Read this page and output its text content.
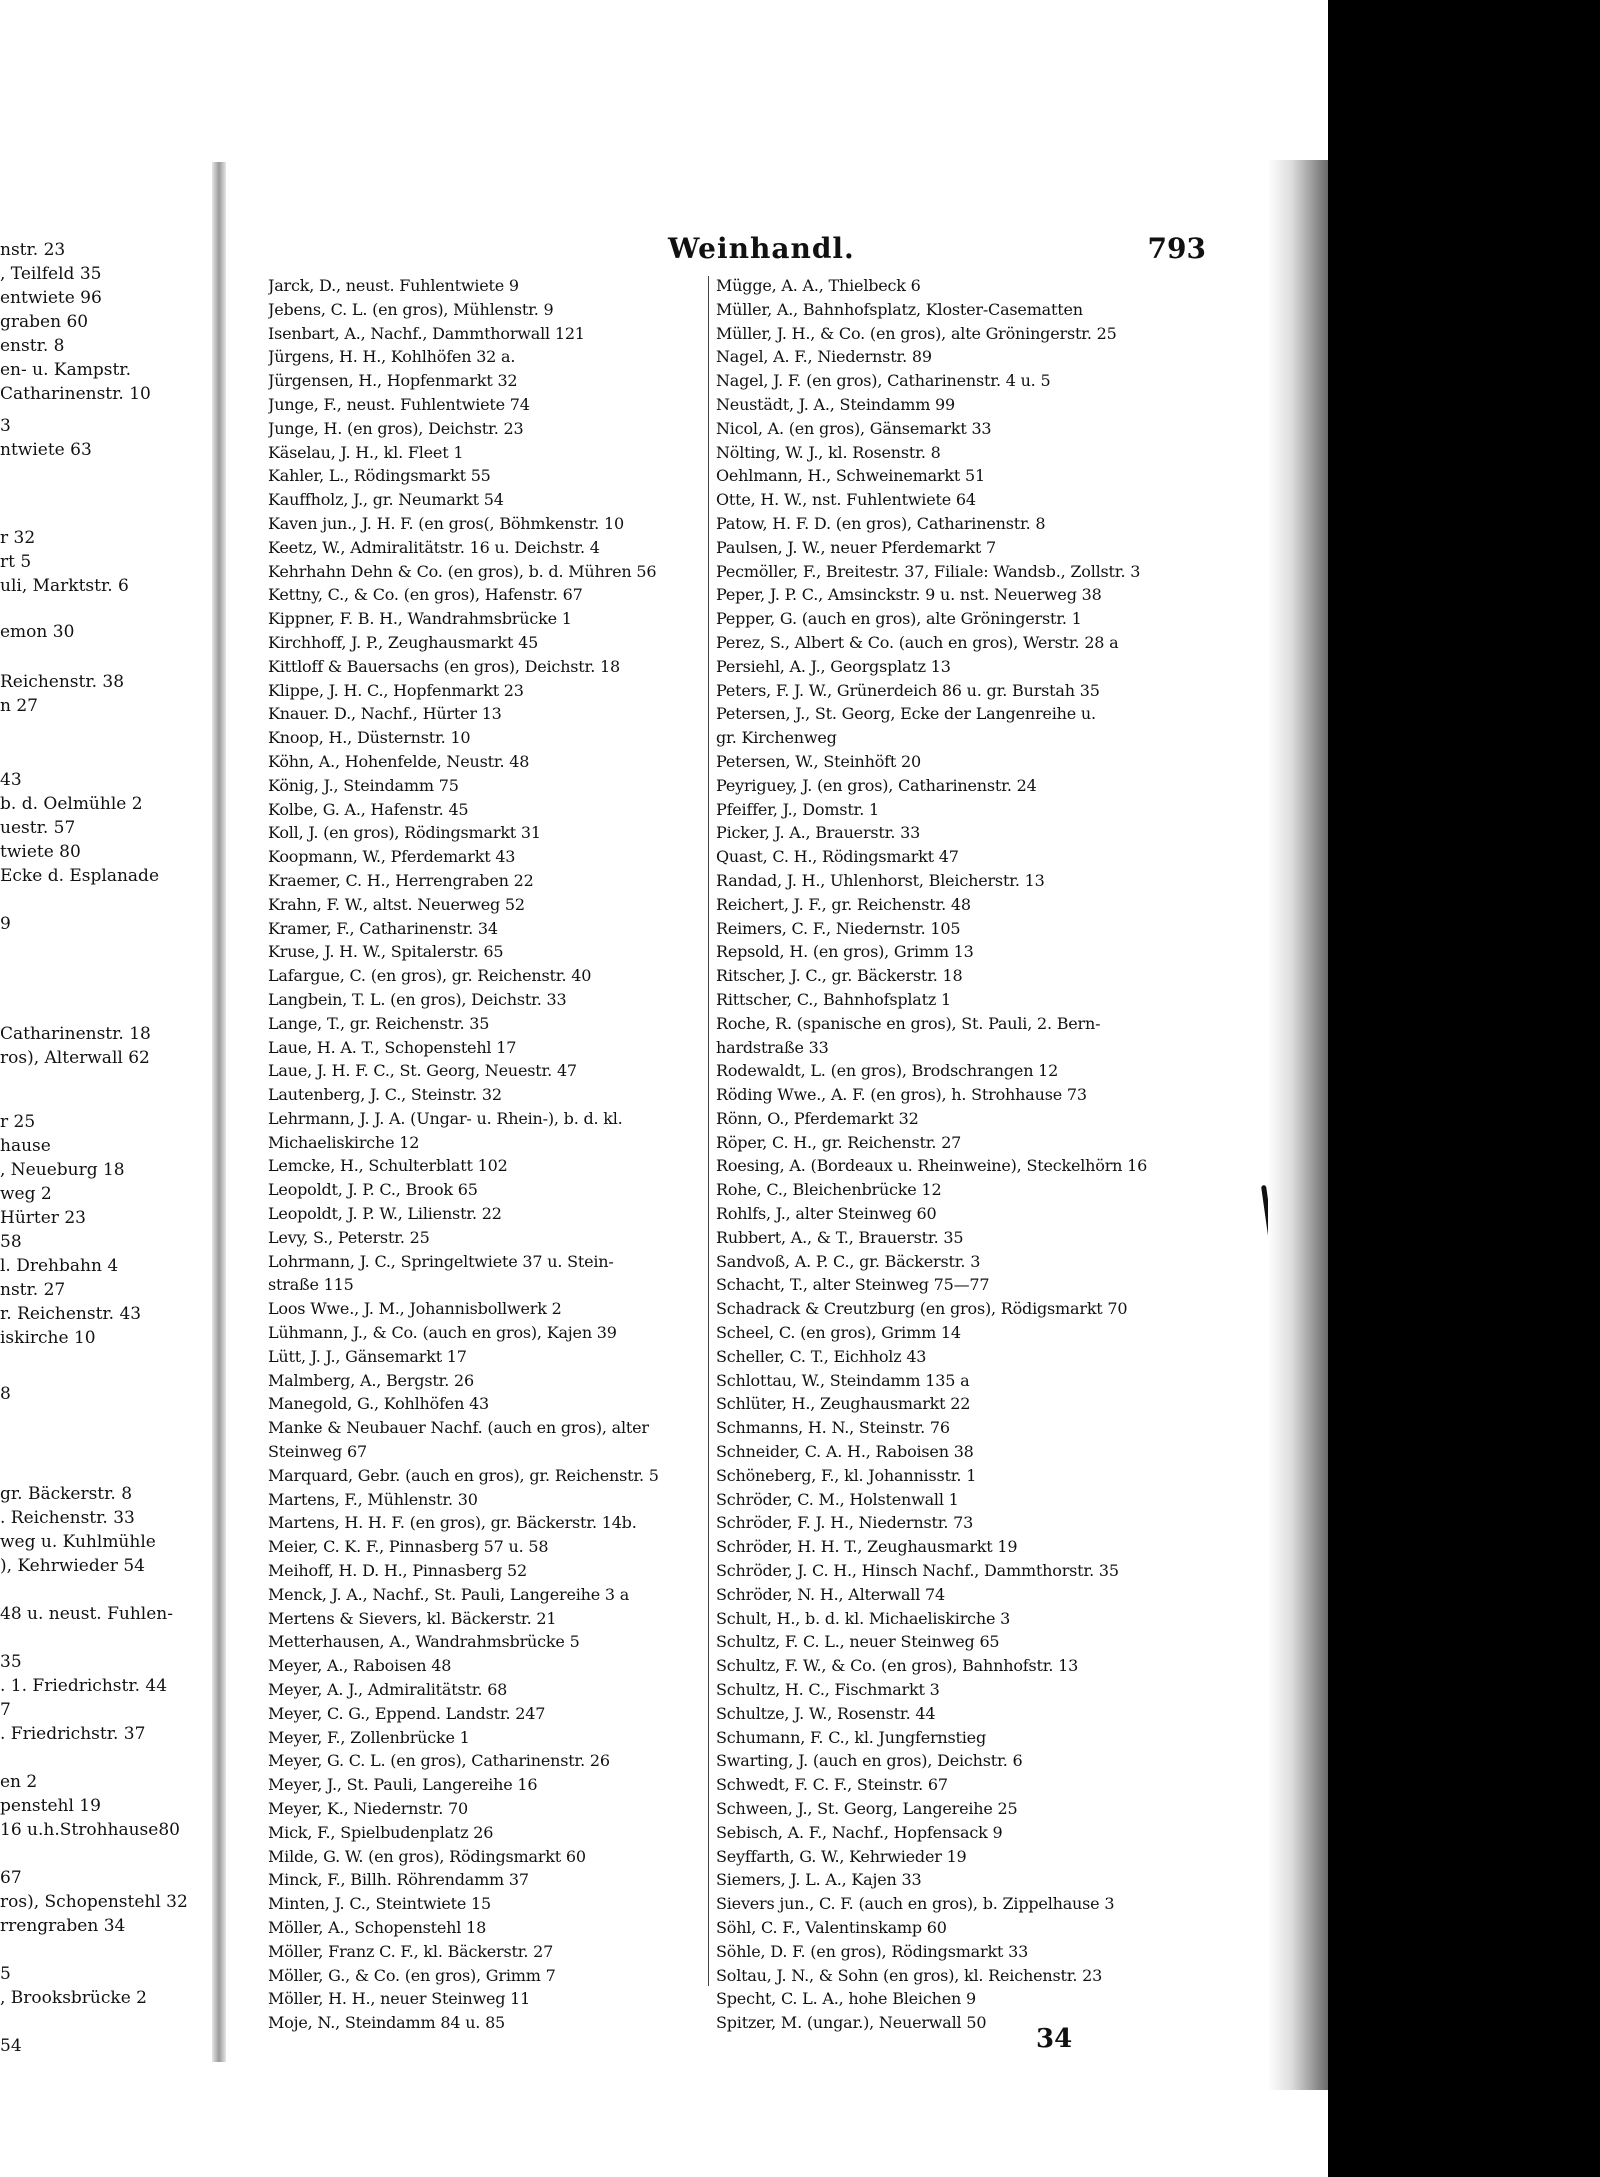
nstr. 23
, Teilfeld 35
entwiete 96
graben 60
enstr. 8
en- u. Kampstr.
Catharinenstr. 10
3
ntwiete 63
r 32
rt 5
uli, Marktstr. 6
emon 30
Reichenstr. 38
n 27
43
b. d. Oelmühle 2
uestr. 57
twiete 80
Ecke d. Esplanade
9
Catharinenstr. 18
ros), Alterwall 62
r 25
hause
, Neueburg 18
weg 2
Hürter 23
58
l. Drehbahn 4
nstr. 27
r. Reichenstr. 43
iskirche 10
8
gr. Bäckerstr. 8
. Reichenstr. 33
weg u. Kuhlmühle
), Kehrwieder 54
48 u. neust. Fuhlen-
35
. 1. Friedrichstr. 44
7
. Friedrichstr. 37
en 2
penstehl 19
16 u.h.Strohhause80
67
ros), Schopenstehl 32
rrengraben 34
5
, Brooksbrücke 2
54
Weinhandl.	793
Jarck, D., neust. Fuhlentwiete 9
Jebens, C. L. (en gros), Mühlenstr. 9
Isenbart, A., Nachf., Dammthorwall 121
Jürgens, H. H., Kohlhöfen 32 a.
Jürgensen, H., Hopfenmarkt 32
Junge, F., neust. Fuhlentwiete 74
Junge, H. (en gros), Deichstr. 23
Käselau, J. H., kl. Fleet 1
Kahler, L., Rödingsmarkt 55
Kauffholz, J., gr. Neumarkt 54
Kaven jun., J. H. F. (en gros(, Böhmkenstr. 10
Keetz, W., Admiralitätstr. 16 u. Deichstr. 4
Kehrhahn Dehn & Co. (en gros), b. d. Mühren 56
Kettny, C., & Co. (en gros), Hafenstr. 67
Kippner, F. B. H., Wandrahmsbrücke 1
Kirchhoff, J. P., Zeughausmarkt 45
Kittloff & Bauersachs (en gros), Deichstr. 18
Klippe, J. H. C., Hopfenmarkt 23
Knauer. D., Nachf., Hürter 13
Knoop, H., Düsternstr. 10
Köhn, A., Hohenfelde, Neustr. 48
König, J., Steindamm 75
Kolbe, G. A., Hafenstr. 45
Koll, J. (en gros), Rödingsmarkt 31
Koopmann, W., Pferdemarkt 43
Kraemer, C. H., Herrengraben 22
Krahn, F. W., altst. Neuerweg 52
Kramer, F., Catharinenstr. 34
Kruse, J. H. W., Spitalerstr. 65
Lafargue, C. (en gros), gr. Reichenstr. 40
Langbein, T. L. (en gros), Deichstr. 33
Lange, T., gr. Reichenstr. 35
Laue, H. A. T., Schopenstehl 17
Laue, J. H. F. C., St. Georg, Neuestr. 47
Lautenberg, J. C., Steinstr. 32
Lehrmann, J. J. A. (Ungar- u. Rhein-), b. d. kl.
Michaeliskirche 12
Lemcke, H., Schulterblatt 102
Leopoldt, J. P. C., Brook 65
Leopoldt, J. P. W., Lilienstr. 22
Levy, S., Peterstr. 25
Lohrmann, J. C., Springeltwiete 37 u. Stein-
straße 115
Loos Wwe., J. M., Johannisbollwerk 2
Lühmann, J., & Co. (auch en gros), Kajen 39
Lütt, J. J., Gänsemarkt 17
Malmberg, A., Bergstr. 26
Manegold, G., Kohlhöfen 43
Manke & Neubauer Nachf. (auch en gros), alter
Steinweg 67
Marquard, Gebr. (auch en gros), gr. Reichenstr. 5
Martens, F., Mühlenstr. 30
Martens, H. H. F. (en gros), gr. Bäckerstr. 14b.
Meier, C. K. F., Pinnasberg 57 u. 58
Meihoff, H. D. H., Pinnasberg 52
Menck, J. A., Nachf., St. Pauli, Langereihe 3 a
Mertens & Sievers, kl. Bäckerstr. 21
Metterhausen, A., Wandrahmsbrücke 5
Meyer, A., Raboisen 48
Meyer, A. J., Admiralitätstr. 68
Meyer, C. G., Eppend. Landstr. 247
Meyer, F., Zollenbrücke 1
Meyer, G. C. L. (en gros), Catharinenstr. 26
Meyer, J., St. Pauli, Langereihe 16
Meyer, K., Niedernstr. 70
Mick, F., Spielbudenplatz 26
Milde, G. W. (en gros), Rödingsmarkt 60
Minck, F., Billh. Röhrendamm 37
Minten, J. C., Steintwiete 15
Möller, A., Schopenstehl 18
Möller, Franz C. F., kl. Bäckerstr. 27
Möller, G., & Co. (en gros), Grimm 7
Möller, H. H., neuer Steinweg 11
Moje, N., Steindamm 84 u. 85
Mügge, A. A., Thielbeck 6
Müller, A., Bahnhofsplatz, Kloster-Casematten
Müller, J. H., & Co. (en gros), alte Gröningerstr. 25
Nagel, A. F., Niedernstr. 89
Nagel, J. F. (en gros), Catharinenstr. 4 u. 5
Neustädt, J. A., Steindamm 99
Nicol, A. (en gros), Gänsemarkt 33
Nölting, W. J., kl. Rosenstr. 8
Oehlmann, H., Schweinemarkt 51
Otte, H. W., nst. Fuhlentwiete 64
Patow, H. F. D. (en gros), Catharinenstr. 8
Paulsen, J. W., neuer Pferdemarkt 7
Pecmöller, F., Breitestr. 37, Filiale: Wandsb., Zollstr. 3
Peper, J. P. C., Amsinckstr. 9 u. nst. Neuerweg 38
Pepper, G. (auch en gros), alte Gröningerstr. 1
Perez, S., Albert & Co. (auch en gros), Werstr. 28 a
Persiehl, A. J., Georgsplatz 13
Peters, F. J. W., Grünerdeich 86 u. gr. Burstah 35
Petersen, J., St. Georg, Ecke der Langenreihe u.
gr. Kirchenweg
Petersen, W., Steinhöft 20
Peyriguey, J. (en gros), Catharinenstr. 24
Pfeiffer, J., Domstr. 1
Picker, J. A., Brauerstr. 33
Quast, C. H., Rödingsmarkt 47
Randad, J. H., Uhlenhorst, Bleicherstr. 13
Reichert, J. F., gr. Reichenstr. 48
Reimers, C. F., Niedernstr. 105
Repsold, H. (en gros), Grimm 13
Ritscher, J. C., gr. Bäckerstr. 18
Rittscher, C., Bahnhofsplatz 1
Roche, R. (spanische en gros), St. Pauli, 2. Bern-
hardstraße 33
Rodewaldt, L. (en gros), Brodschrangen 12
Röding Wwe., A. F. (en gros), h. Strohhause 73
Rönn, O., Pferdemarkt 32
Röper, C. H., gr. Reichenstr. 27
Roesing, A. (Bordeaux u. Rheinweine), Steckelhörn 16
Rohe, C., Bleichenbrücke 12
Rohlfs, J., alter Steinweg 60
Rubbert, A., & T., Brauerstr. 35
Sandvoß, A. P. C., gr. Bäckerstr. 3
Schacht, T., alter Steinweg 75—77
Schadrack & Creutzburg (en gros), Rödigsmarkt 70
Scheel, C. (en gros), Grimm 14
Scheller, C. T., Eichholz 43
Schlottau, W., Steindamm 135 a
Schlüter, H., Zeughausmarkt 22
Schmanns, H. N., Steinstr. 76
Schneider, C. A. H., Raboisen 38
Schöneberg, F., kl. Johannisstr. 1
Schröder, C. M., Holstenwall 1
Schröder, F. J. H., Niedernstr. 73
Schröder, H. H. T., Zeughausmarkt 19
Schröder, J. C. H., Hinsch Nachf., Dammthorstr. 35
Schröder, N. H., Alterwall 74
Schult, H., b. d. kl. Michaeliskirche 3
Schultz, F. C. L., neuer Steinweg 65
Schultz, F. W., & Co. (en gros), Bahnhofstr. 13
Schultz, H. C., Fischmarkt 3
Schultze, J. W., Rosenstr. 44
Schumann, F. C., kl. Jungfernstieg
Swarting, J. (auch en gros), Deichstr. 6
Schwedt, F. C. F., Steinstr. 67
Schween, J., St. Georg, Langereihe 25
Sebisch, A. F., Nachf., Hopfensack 9
Seyffarth, G. W., Kehrwieder 19
Siemers, J. L. A., Kajen 33
Sievers jun., C. F. (auch en gros), b. Zippelhause 3
Söhl, C. F., Valentinskamp 60
Söhle, D. F. (en gros), Rödingsmarkt 33
Soltau, J. N., & Sohn (en gros), kl. Reichenstr. 23
Specht, C. L. A., hohe Bleichen 9
Spitzer, M. (ungar.), Neuerwall 50
34
